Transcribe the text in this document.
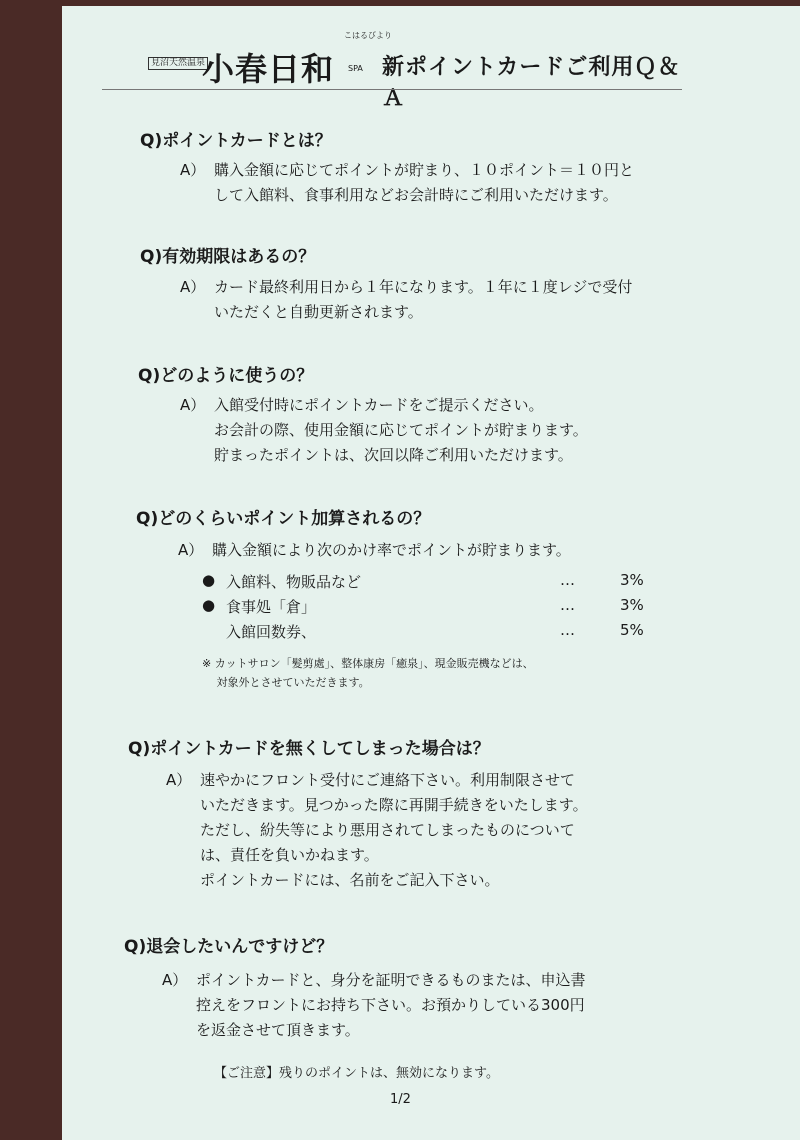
見沼天然温泉
小春日和
こはるびより
SPA 新ポイントカードご利用Ｑ＆Ａ
Q)ポイントカードとは？
A） 購入金額に応じてポイントが貯まり、１０ポイント＝１０円と
して入館料、食事利用などお会計時にご利用いただけます。
Q)有効期限はあるの？
A） カード最終利用日から１年になります。１年に１度レジで受付
いただくと自動更新されます。
Q)どのように使うの？
A） 入館受付時にポイントカードをご提示ください。
お会計の際、使用金額に応じてポイントが貯まります。
貯まったポイントは、次回以降ご利用いただけます。
Q)どのくらいポイント加算されるの？
A） 購入金額により次のかけ率でポイントが貯まります。
● 入館料、物販品など	…	3%
● 食事処「倉」	…	3%
入館回数券、	…	5%
※ カットサロン「髪剪處」、整体康房「癒泉」、現金販売機などは、
　 対象外とさせていただきます。
Q)ポイントカードを無くしてしまった場合は？
A） 速やかにフロント受付にご連絡下さい。利用制限させて
いただきます。見つかった際に再開手続きをいたします。
ただし、紛失等により悪用されてしまったものについて
は、責任を負いかねます。
ポイントカードには、名前をご記入下さい。
Q)退会したいんですけど？
A） ポイントカードと、身分を証明できるものまたは、申込書
控えをフロントにお持ち下さい。お預かりしている300円
を返金させて頂きます。
【ご注意】残りのポイントは、無効になります。
1/2
